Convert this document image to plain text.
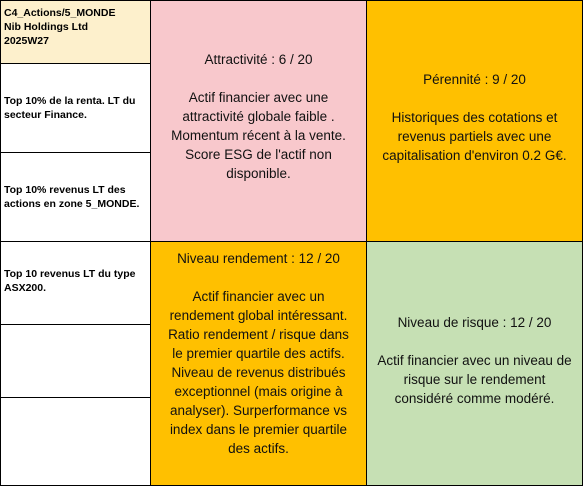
C4_Actions/5_MONDE
Nib Holdings Ltd
2025W27
Top 10% de la renta. LT du secteur Finance.
Top 10% revenus LT des actions en zone 5_MONDE.
Top 10 revenus LT du type ASX200.
Attractivité : 6 / 20
Actif financier avec une attractivité globale faible . Momentum récent à la vente. Score ESG de l'actif non disponible.
Pérennité : 9 / 20
Historiques des cotations et revenus partiels avec une capitalisation d'environ 0.2 G€.
Niveau rendement : 12 / 20
Actif financier avec un rendement global intéressant. Ratio rendement / risque dans le premier quartile des actifs. Niveau de revenus distribués exceptionnel (mais origine à analyser). Surperformance vs index dans le premier quartile des actifs.
Niveau de risque : 12 / 20
Actif financier avec un niveau de risque sur le rendement considéré comme modéré.
